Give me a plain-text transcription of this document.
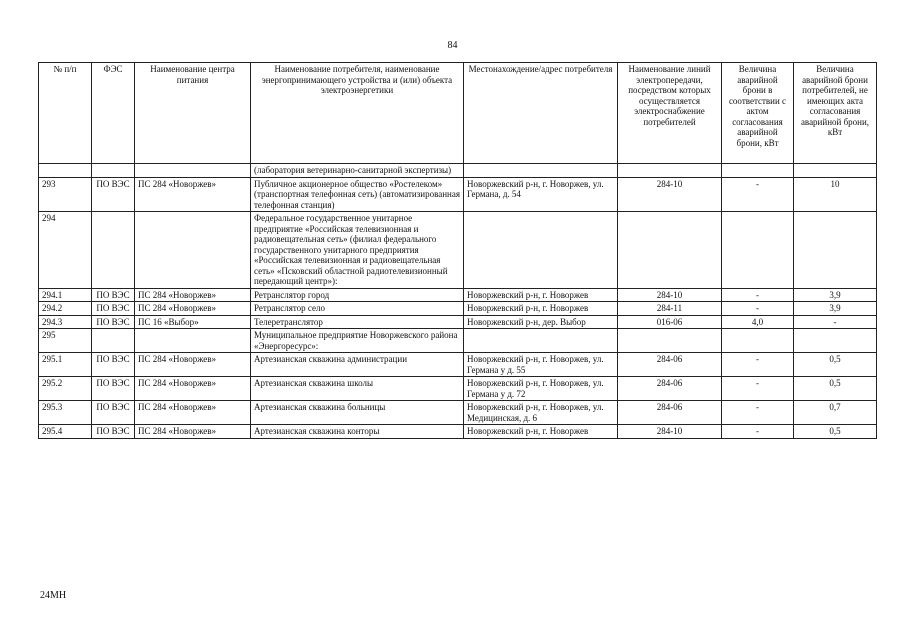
84
№ п/п	ФЭС	Наименование центра питания	Наименование потребителя, наименование энергопринимающего устройства и (или) объекта электроэнергетики	Местонахождение/адрес потребителя	Наименование линий электропередачи, посредством которых осуществляется электроснабжение потребителей	Величина аварийной брони в соответствии с актом согласования аварийной брони, кВт	Величина аварийной брони потребителей, не имеющих акта согласования аварийной брони, кВт
			(лаборатория ветеринарно-санитарной экспертизы)				
293	ПО ВЭС	ПС 284 «Новоржев»	Публичное акционерное общество «Ростелеком» (транспортная телефонная сеть) (автоматизированная телефонная станция)	Новоржевский р-н, г. Новоржев, ул. Германа, д. 54	284-10	-	10
294			Федеральное государственное унитарное предприятие «Российская телевизионная и радиовещательная сеть» (филиал федерального государственного унитарного предприятия «Российская телевизионная и радиовещательная сеть» «Псковский областной радиотелевизионный передающий центр»):				
294.1	ПО ВЭС	ПС 284 «Новоржев»	Ретранслятор город	Новоржевский р-н, г. Новоржев	284-10	-	3,9
294.2	ПО ВЭС	ПС 284 «Новоржев»	Ретранслятор село	Новоржевский р-н, г. Новоржев	284-11	-	3,9
294.3	ПО ВЭС	ПС 16 «Выбор»	Телеретранслятор	Новоржевский р-н, дер. Выбор	016-06	4,0	-
295			Муниципальное предприятие Новоржевского района «Энергоресурс»:				
295.1	ПО ВЭС	ПС 284 «Новоржев»	Артезианская скважина администрации	Новоржевский р-н, г. Новоржев, ул. Германа у д. 55	284-06	-	0,5
295.2	ПО ВЭС	ПС 284 «Новоржев»	Артезианская скважина школы	Новоржевский р-н, г. Новоржев, ул. Германа у д. 72	284-06	-	0,5
295.3	ПО ВЭС	ПС 284 «Новоржев»	Артезианская скважина больницы	Новоржевский р-н, г. Новоржев, ул. Медицинская, д. 6	284-06	-	0,7
295.4	ПО ВЭС	ПС 284 «Новоржев»	Артезианская скважина конторы	Новоржевский р-н, г. Новоржев	284-10	-	0,5
24МН
